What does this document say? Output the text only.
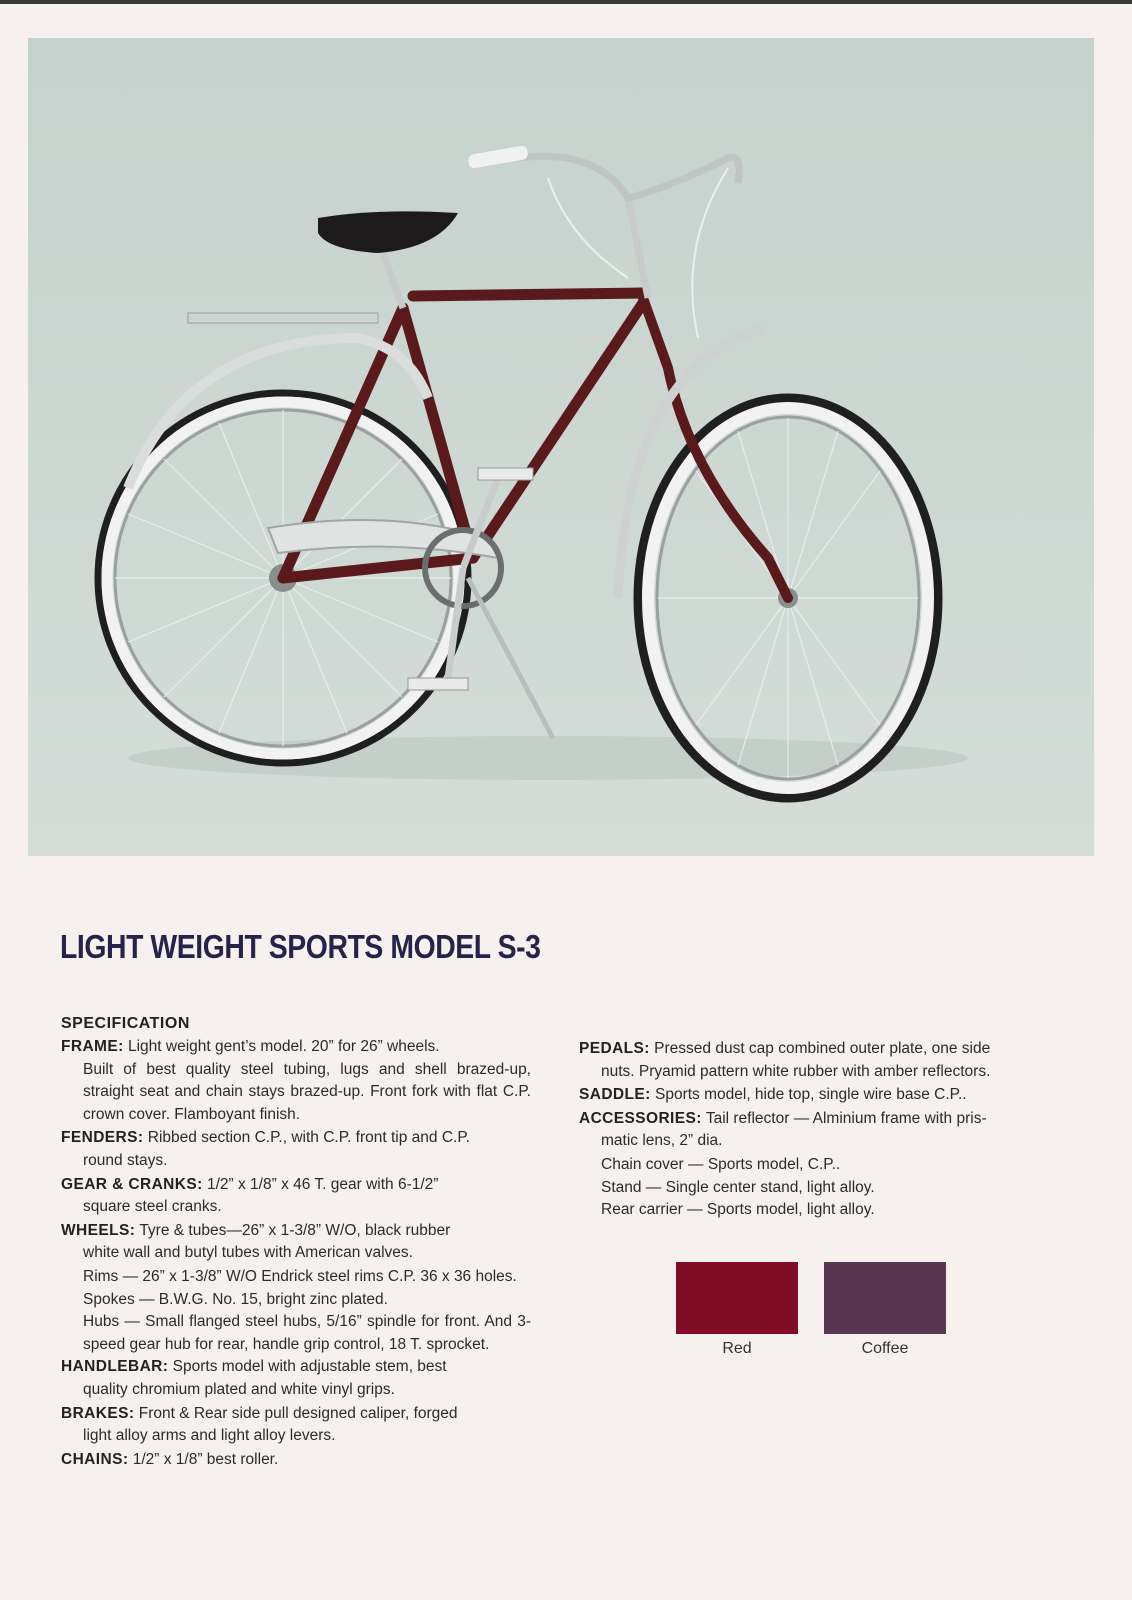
LIGHT WEIGHT SPORTS MODEL S-3
SPECIFICATION

FRAME: Light weight gent’s model. 20” for 26” wheels.
Built of best quality steel tubing, lugs and shell brazed-up, straight seat and chain stays brazed-up. Front fork with flat C.P. crown cover. Flamboyant finish.

FENDERS: Ribbed section C.P., with C.P. front tip and C.P.
round stays.

GEAR & CRANKS: 1/2” x 1/8” x 46 T. gear with 6-1/2”
square steel cranks.

WHEELS: Tyre & tubes—26” x 1-3/8” W/O, black rubber
white wall and butyl tubes with American valves.

Rims — 26” x 1-3/8” W/O Endrick steel rims C.P. 36 x 36 holes.

Spokes — B.W.G. No. 15, bright zinc plated.

Hubs — Small flanged steel hubs, 5/16” spindle for front. And 3-speed gear hub for rear, handle grip control, 18 T. sprocket.

HANDLEBAR: Sports model with adjustable stem, best
quality chromium plated and white vinyl grips.

BRAKES: Front & Rear side pull designed caliper, forged
light alloy arms and light alloy levers.

CHAINS: 1/2” x 1/8” best roller.

PEDALS: Pressed dust cap combined outer plate, one side
nuts. Pryamid pattern white rubber with amber reflectors.

SADDLE: Sports model, hide top, single wire base C.P..

ACCESSORIES: Tail reflector — Alminium frame with pris-
matic lens, 2” dia.

Chain cover — Sports model, C.P..

Stand — Single center stand, light alloy.

Rear carrier — Sports model, light alloy.

Red	Coffee
